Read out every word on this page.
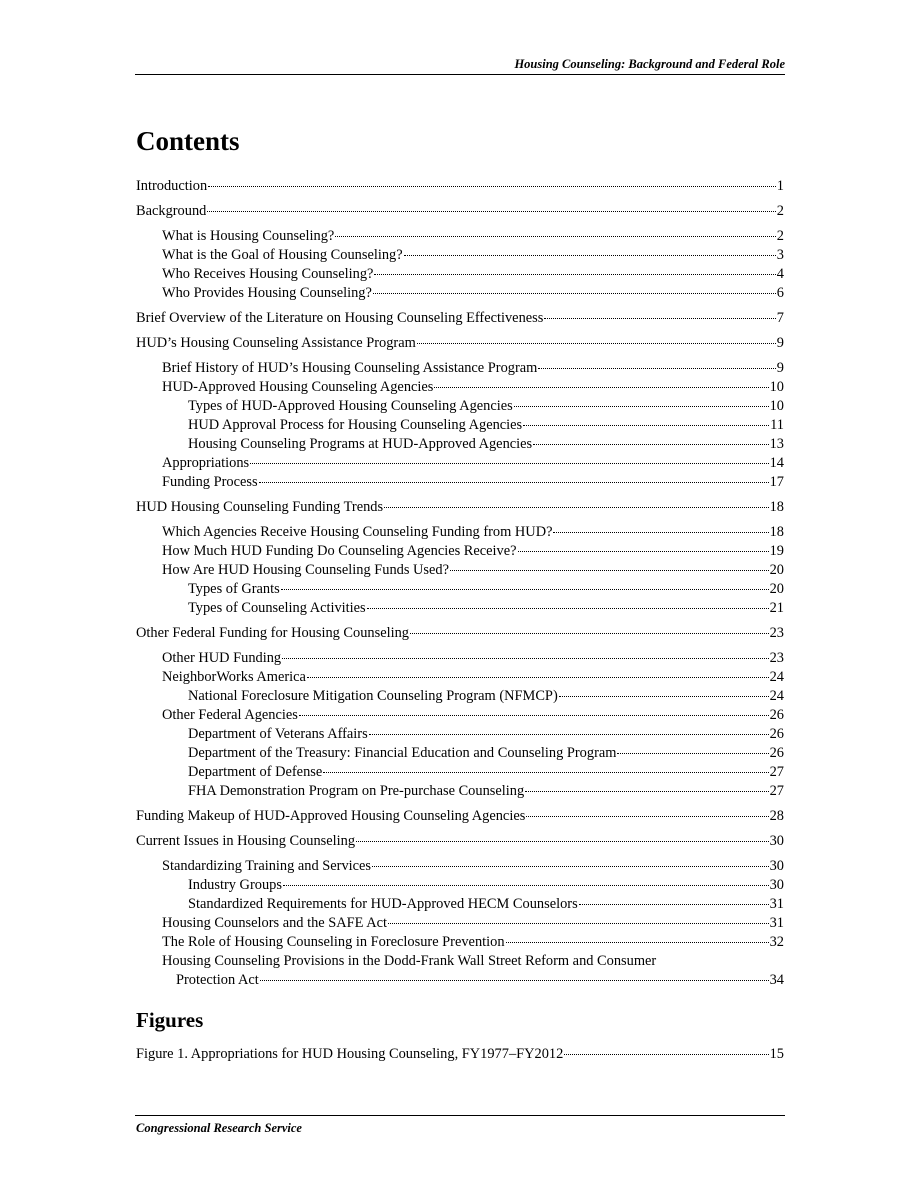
Housing Counseling: Background and Federal Role
Contents
Introduction	1
Background	2
What is Housing Counseling?	2
What is the Goal of Housing Counseling?	3
Who Receives Housing Counseling?	4
Who Provides Housing Counseling?	6
Brief Overview of the Literature on Housing Counseling Effectiveness	7
HUD’s Housing Counseling Assistance Program	9
Brief History of HUD’s Housing Counseling Assistance Program	9
HUD-Approved Housing Counseling Agencies	10
Types of HUD-Approved Housing Counseling Agencies	10
HUD Approval Process for Housing Counseling Agencies	11
Housing Counseling Programs at HUD-Approved Agencies	13
Appropriations	14
Funding Process	17
HUD Housing Counseling Funding Trends	18
Which Agencies Receive Housing Counseling Funding from HUD?	18
How Much HUD Funding Do Counseling Agencies Receive?	19
How Are HUD Housing Counseling Funds Used?	20
Types of Grants	20
Types of Counseling Activities	21
Other Federal Funding for Housing Counseling	23
Other HUD Funding	23
NeighborWorks America	24
National Foreclosure Mitigation Counseling Program (NFMCP)	24
Other Federal Agencies	26
Department of Veterans Affairs	26
Department of the Treasury: Financial Education and Counseling Program	26
Department of Defense	27
FHA Demonstration Program on Pre-purchase Counseling	27
Funding Makeup of HUD-Approved Housing Counseling Agencies	28
Current Issues in Housing Counseling	30
Standardizing Training and Services	30
Industry Groups	30
Standardized Requirements for HUD-Approved HECM Counselors	31
Housing Counselors and the SAFE Act	31
The Role of Housing Counseling in Foreclosure Prevention	32
Housing Counseling Provisions in the Dodd-Frank Wall Street Reform and Consumer
Protection Act	34
Figures
Figure 1. Appropriations for HUD Housing Counseling, FY1977–FY2012	15
Congressional Research Service
